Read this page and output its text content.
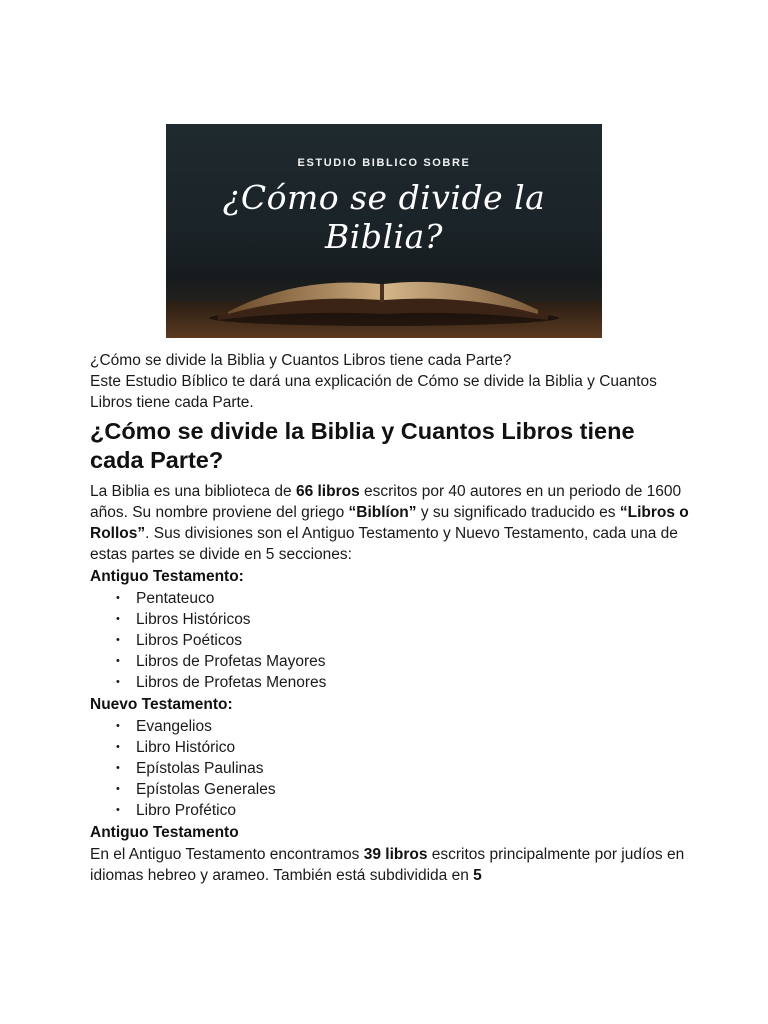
ESTUDIO BIBLICO SOBRE
¿Cómo se divide la Biblia?

¿Cómo se divide la Biblia y Cuantos Libros tiene cada Parte?

Este Estudio Bíblico te dará una explicación de Cómo se divide la Biblia y Cuantos Libros tiene cada Parte.

¿Cómo se divide la Biblia y Cuantos Libros tiene cada Parte?

La Biblia es una biblioteca de 66 libros escritos por 40 autores en un periodo de 1600 años. Su nombre proviene del griego “Biblíon” y su significado traducido es “Libros o Rollos”. Sus divisiones son el Antiguo Testamento y Nuevo Testamento, cada una de estas partes se divide en 5 secciones:

Antiguo Testamento:
• Pentateuco
• Libros Históricos
• Libros Poéticos
• Libros de Profetas Mayores
• Libros de Profetas Menores
Nuevo Testamento:
• Evangelios
• Libro Histórico
• Epístolas Paulinas
• Epístolas Generales
• Libro Profético
Antiguo Testamento

En el Antiguo Testamento encontramos 39 libros escritos principalmente por judíos en idiomas hebreo y arameo. También está subdividida en 5
